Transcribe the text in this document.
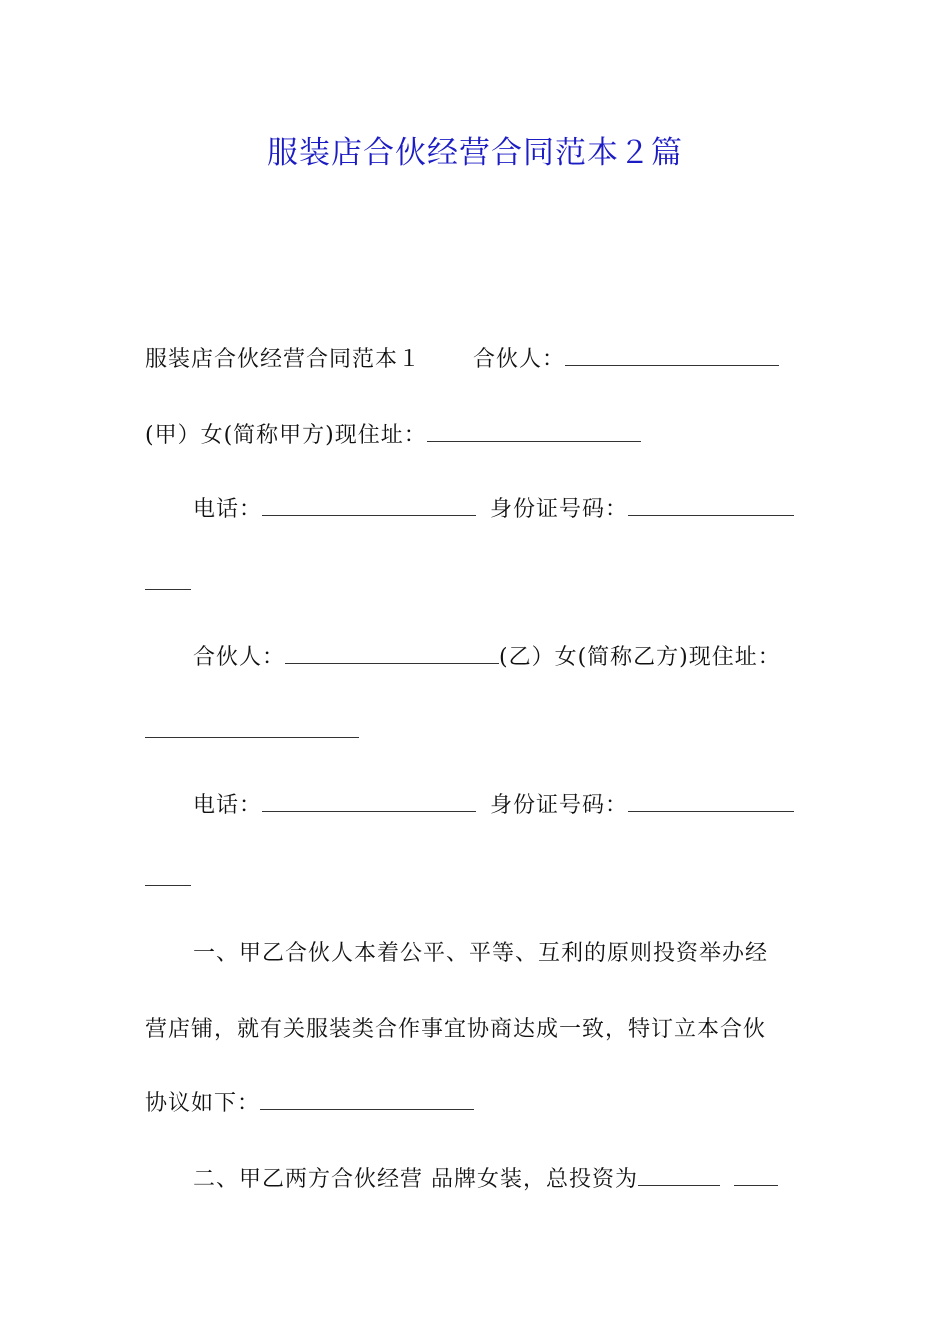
服装店合伙经营合同范本２篇
服装店合伙经营合同范本１ 合伙人：
(甲）女(简称甲方)现住址：
电话：	身份证号码：
合伙人：	(乙）女(简称乙方)现住址：
电话：	身份证号码：
一、甲乙合伙人本着公平、平等、互利的原则投资举办经
营店铺，就有关服装类合作事宜协商达成一致，特订立本合伙
协议如下：
二、甲乙两方合伙经营 品牌女装，总投资为
